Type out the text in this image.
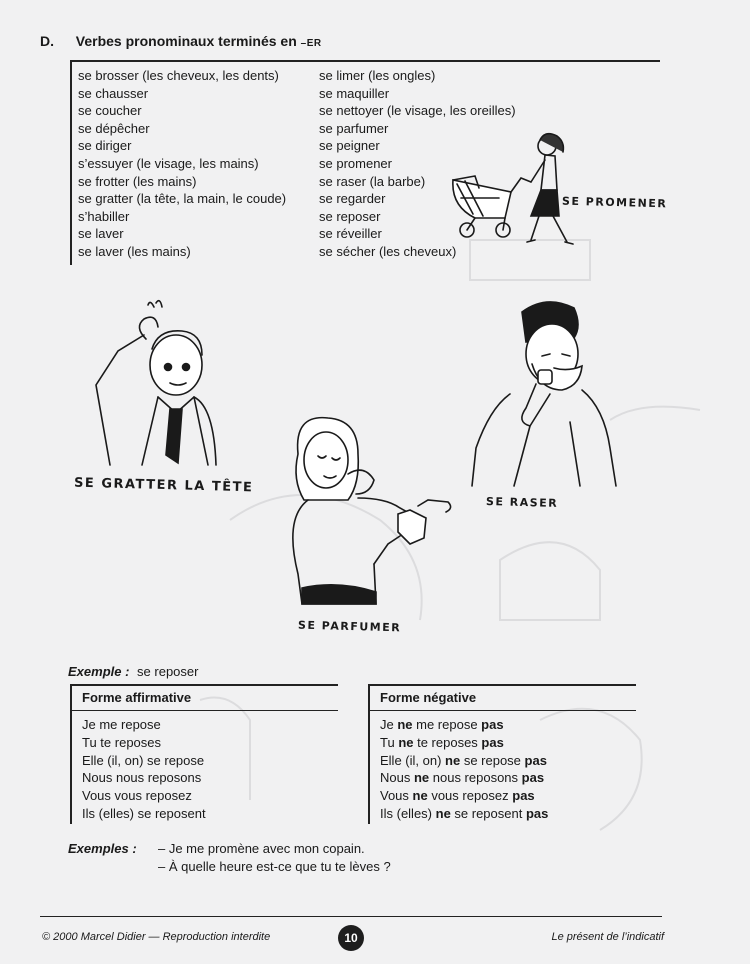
D. Verbes pronominaux terminés en –ER
se brosser (les cheveux, les dents)
se chausser
se coucher
se dépêcher
se diriger
s’essuyer (le visage, les mains)
se frotter (les mains)
se gratter (la tête, la main, le coude)
s’habiller
se laver
se laver (les mains)
se limer (les ongles)
se maquiller
se nettoyer (le visage, les oreilles)
se parfumer
se peigner
se promener
se raser (la barbe)
se regarder
se reposer
se réveiller
se sécher (les cheveux)
SE PROMENER
SE GRATTER LA TÊTE
SE RASER
SE PARFUMER
Exemple : se reposer
Forme affirmative
Je me repose
Tu te reposes
Elle (il, on) se repose
Nous nous reposons
Vous vous reposez
Ils (elles) se reposent
Forme négative
Je ne me repose pas
Tu ne te reposes pas
Elle (il, on) ne se repose pas
Nous ne nous reposons pas
Vous ne vous reposez pas
Ils (elles) ne se reposent pas
Exemples : – Je me promène avec mon copain.
– À quelle heure est-ce que tu te lèves ?
© 2000 Marcel Didier — Reproduction interdite	10	Le présent de l’indicatif
